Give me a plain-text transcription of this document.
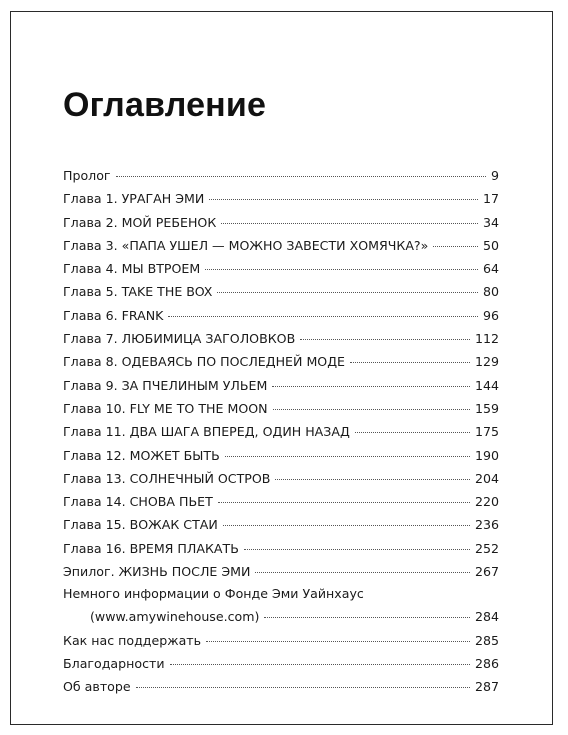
Оглавление
Пролог	9
Глава 1. УРАГАН ЭМИ	17
Глава 2. МОЙ РЕБЕНОК	34
Глава 3. «ПАПА УШЕЛ — МОЖНО ЗАВЕСТИ ХОМЯЧКА?»	50
Глава 4. МЫ ВТРОЕМ	64
Глава 5. TAKE THE BOX	80
Глава 6. FRANK	96
Глава 7. ЛЮБИМИЦА ЗАГОЛОВКОВ	112
Глава 8. ОДЕВАЯСЬ ПО ПОСЛЕДНЕЙ МОДЕ	129
Глава 9. ЗА ПЧЕЛИНЫМ УЛЬЕМ	144
Глава 10. FLY ME TO THE MOON	159
Глава 11. ДВА ШАГА ВПЕРЕД, ОДИН НАЗАД	175
Глава 12. МОЖЕТ БЫТЬ	190
Глава 13. СОЛНЕЧНЫЙ ОСТРОВ	204
Глава 14. СНОВА ПЬЕТ	220
Глава 15. ВОЖАК СТАИ	236
Глава 16. ВРЕМЯ ПЛАКАТЬ	252
Эпилог. ЖИЗНЬ ПОСЛЕ ЭМИ	267
Немного информации о Фонде Эми Уайнхаус
(www.amywinehouse.com)	284
Как нас поддержать	285
Благодарности	286
Об авторе	287
